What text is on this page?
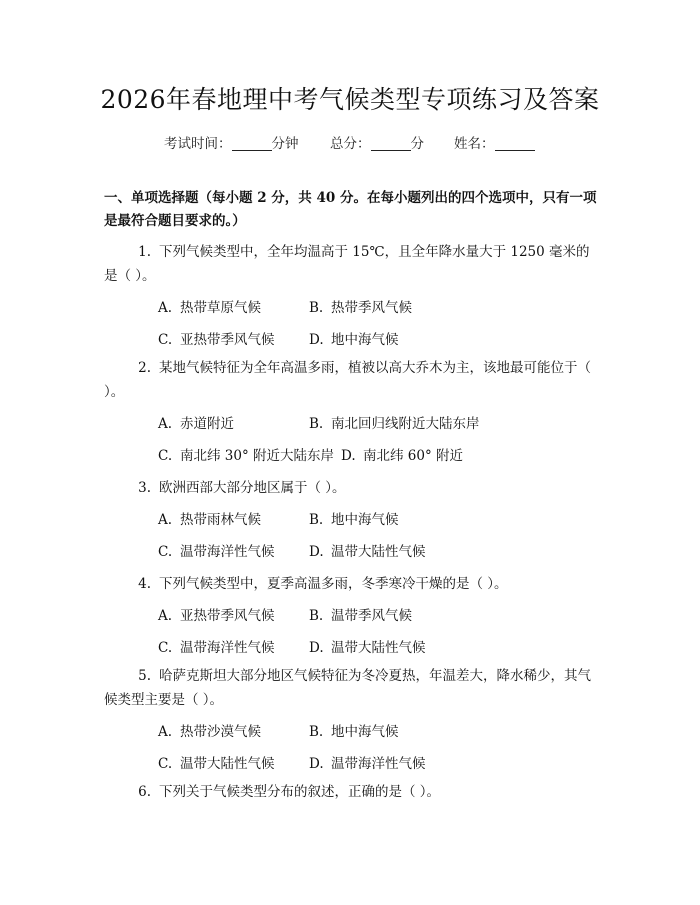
2026年春地理中考气候类型专项练习及答案
考试时间：	分钟 总分：	分 姓名：
一、单项选择题（每小题 2 分，共 40 分。在每小题列出的四个选项中，只有一项是最符合题目要求的。）
1. 下列气候类型中，全年均温高于 15℃，且全年降水量大于 1250 毫米的是（ ）。
A. 热带草原气候	B. 热带季风气候
C. 亚热带季风气候	D. 地中海气候
2. 某地气候特征为全年高温多雨，植被以高大乔木为主，该地最可能位于（ ）。
A. 赤道附近	B. 南北回归线附近大陆东岸
C. 南北纬 30° 附近大陆东岸 D. 南北纬 60° 附近
3. 欧洲西部大部分地区属于（ ）。
A. 热带雨林气候	B. 地中海气候
C. 温带海洋性气候	D. 温带大陆性气候
4. 下列气候类型中，夏季高温多雨，冬季寒冷干燥的是（ ）。
A. 亚热带季风气候	B. 温带季风气候
C. 温带海洋性气候	D. 温带大陆性气候
5. 哈萨克斯坦大部分地区气候特征为冬冷夏热，年温差大，降水稀少，其气候类型主要是（ ）。
A. 热带沙漠气候	B. 地中海气候
C. 温带大陆性气候	D. 温带海洋性气候
6. 下列关于气候类型分布的叙述，正确的是（ ）。
